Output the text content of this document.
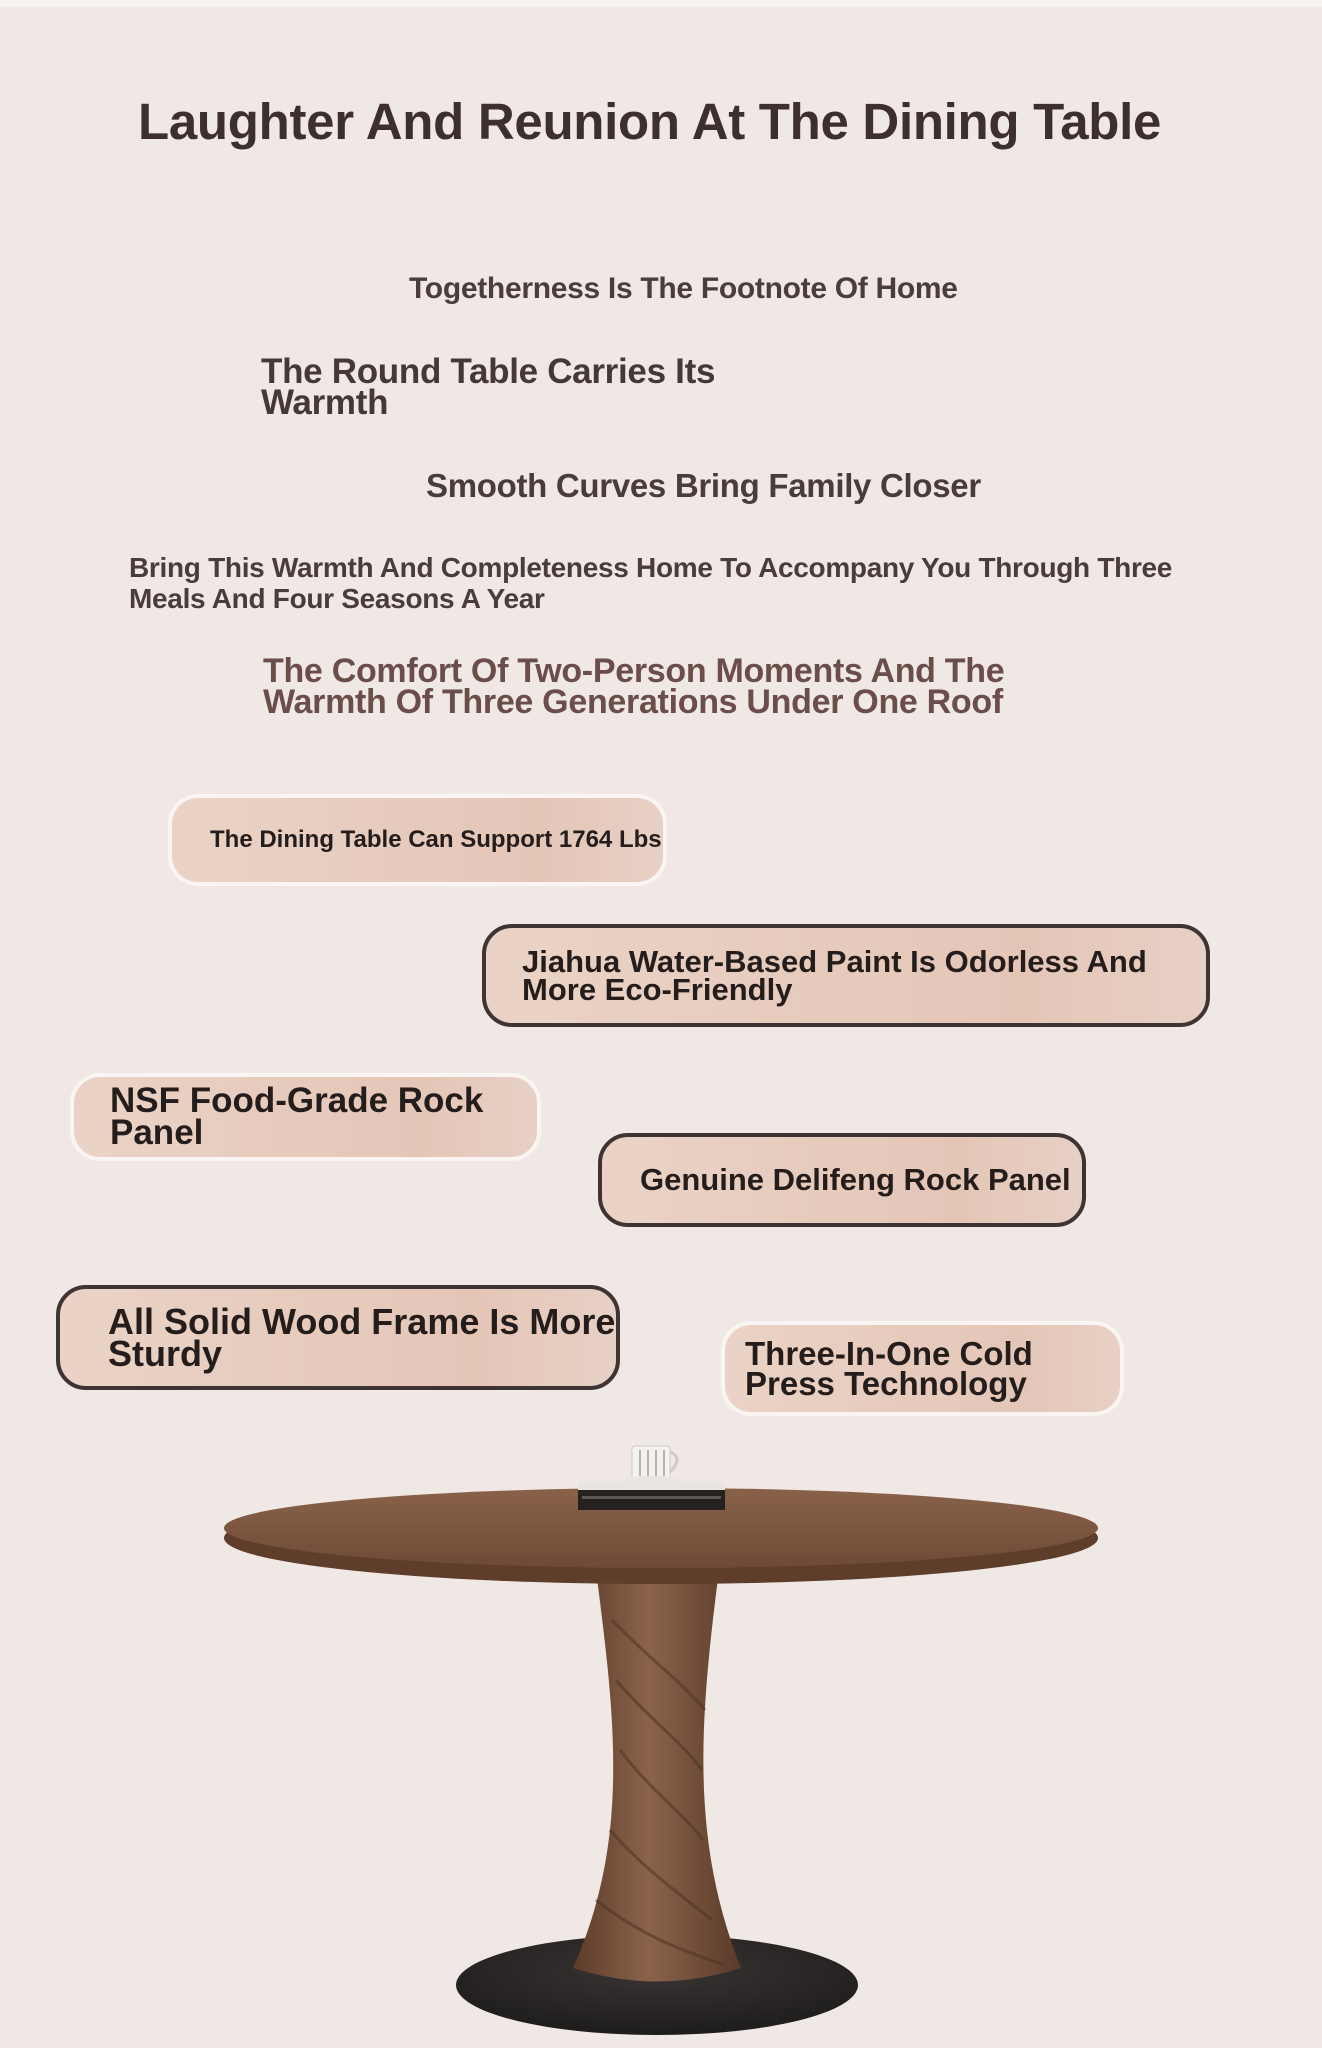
Laughter And Reunion At The Dining Table

Togetherness Is The Footnote Of Home

The Round Table Carries Its Warmth

Smooth Curves Bring Family Closer

Bring This Warmth And Completeness Home To Accompany You Through Three Meals And Four Seasons A Year

The Comfort Of Two-Person Moments And The Warmth Of Three Generations Under One Roof

The Dining Table Can Support 1764 Lbs
Jiahua Water-Based Paint Is Odorless And More Eco-Friendly
NSF Food-Grade Rock Panel
Genuine Delifeng Rock Panel
All Solid Wood Frame Is More Sturdy	Three-In-One Cold Press Technology
